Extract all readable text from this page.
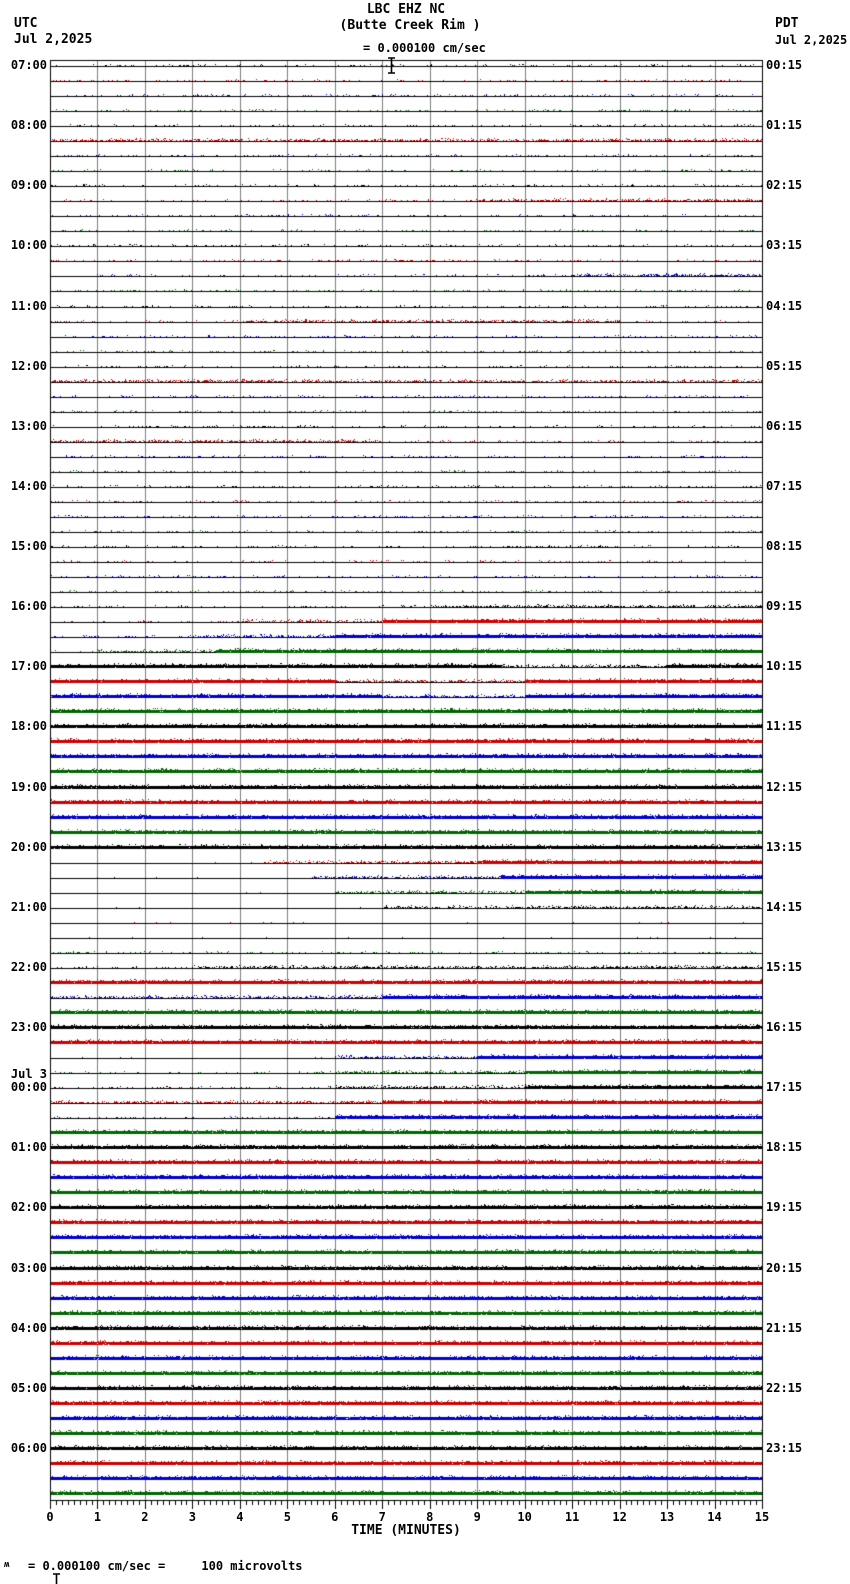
UTC
Jul 2,2025
PDT
Jul 2,2025
LBC EHZ NC
(Butte Creek Rim )

= 0.000100 cm/sec
07:00
08:00
09:00
10:00
11:00
12:00
13:00
14:00
15:00
16:00
17:00
18:00
19:00
20:00
21:00
22:00
23:00
00:00
Jul 3
01:00
02:00
03:00
04:00
05:00
06:00
00:15
01:15
02:15
03:15
04:15
05:15
06:15
07:15
08:15
09:15
10:15
11:15
12:15
13:15
14:15
15:15
16:15
17:15
18:15
19:15
20:15
21:15
22:15
23:15
0	1	2	3	4	5	6	7	8	9	10	11	12	13	14	15
TIME (MINUTES)
ʍ

= 0.000100 cm/sec =     100 microvolts
